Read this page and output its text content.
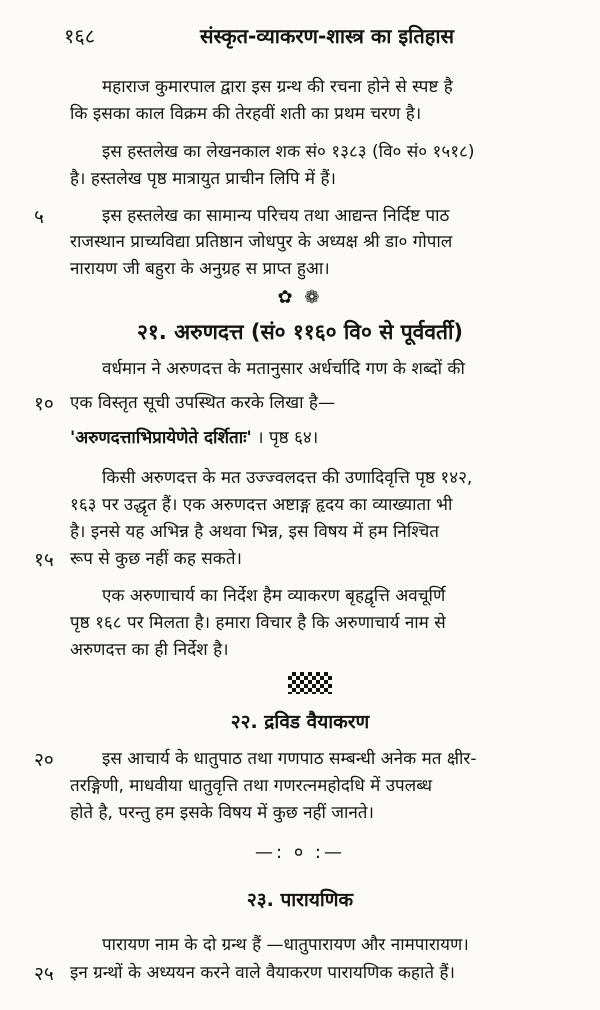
१६८	संस्कृत-व्याकरण-शास्त्र का इतिहास
महाराज कुमारपाल द्वारा इस ग्रन्थ की रचना होने से स्पष्ट है
कि इसका काल विक्रम की तेरहवीं शती का प्रथम चरण है।
इस हस्तलेख का लेखनकाल शक सं० १३८३ (वि० सं० १५१८)
है। हस्तलेख पृष्ठ मात्रायुत प्राचीन लिपि में हैं।
५	इस हस्तलेख का सामान्य परिचय तथा आद्यन्त निर्दिष्ट पाठ
राजस्थान प्राच्यविद्या प्रतिष्ठान जोधपुर के अध्यक्ष श्री डा० गोपाल
नारायण जी बहुरा के अनुग्रह स प्राप्त हुआ।
✿ ❁
२१. अरुणदत्त (सं० ११६० वि० से पूर्ववर्ती)
वर्धमान ने अरुणदत्त के मतानुसार अर्धर्चादि गण के शब्दों की
१० एक विस्तृत सूची उपस्थित करके लिखा है—
'अरुणदत्ताभिप्रायेणेते दर्शिताः' । पृष्ठ ६४।
किसी अरुणदत्त के मत उज्ज्वलदत्त की उणादिवृत्ति पृष्ठ १४२,
१६३ पर उद्धृत हैं। एक अरुणदत्त अष्टाङ्ग हृदय का व्याख्याता भी
है। इनसे यह अभिन्न है अथवा भिन्न, इस विषय में हम निश्चित
१५ रूप से कुछ नहीं कह सकते।
एक अरुणाचार्य का निर्देश हैम व्याकरण बृहद्वृत्ति अवचूर्णि
पृष्ठ १६८ पर मिलता है। हमारा विचार है कि अरुणाचार्य नाम से
अरुणदत्त का ही निर्देश है।
२२. द्रविड वैयाकरण
२०	इस आचार्य के धातुपाठ तथा गणपाठ सम्बन्धी अनेक मत क्षीर-
तरङ्गिणी, माधवीया धातुवृत्ति तथा गणरत्नमहोदधि में उपलब्ध
होते है, परन्तु हम इसके विषय में कुछ नहीं जानते।
—: ० :—
२३. पारायणिक
पारायण नाम के दो ग्रन्थ हैं —धातुपारायण और नामपारायण।
२५ इन ग्रन्थों के अध्ययन करने वाले वैयाकरण पारायणिक कहाते हैं।
